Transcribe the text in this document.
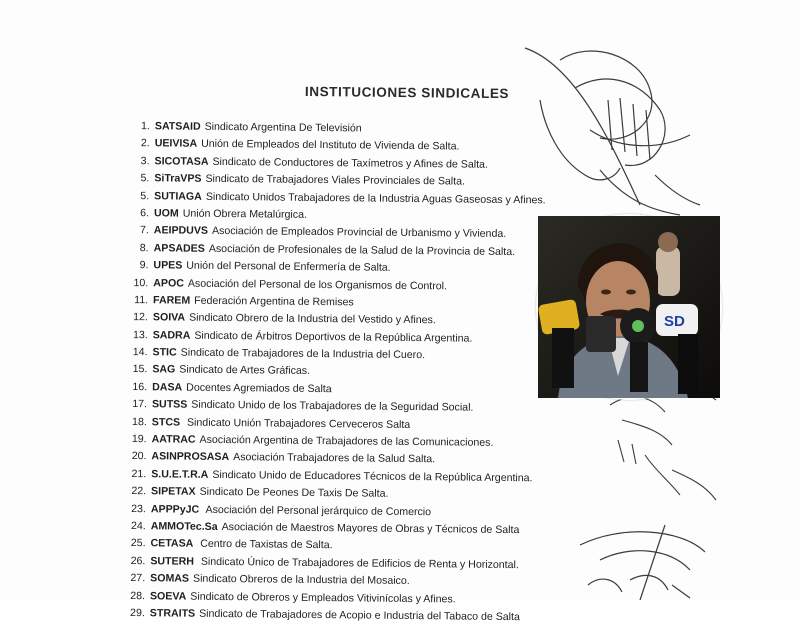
INSTITUCIONES SINDICALES
1. SATSAID Sindicato Argentina De Televisión
2. UEIVISA Unión de Empleados del Instituto de Vivienda de Salta.
3. SICOTASA Sindicato de Conductores de Taxímetros y Afines de Salta.
5. SiTraVPS Sindicato de Trabajadores Viales Provinciales de Salta.
5. SUTIAGA Sindicato Unidos Trabajadores de la Industria Aguas Gaseosas y Afines.
6. UOM Unión Obrera Metalúrgica.
7. AEIPDUVS Asociación de Empleados Provincial de Urbanismo y Vivienda.
8. APSADES Asociación de Profesionales de la Salud de la Provincia de Salta.
9. UPES Unión del Personal de Enfermería de Salta.
10. APOC Asociación del Personal de los Organismos de Control.
11. FAREM Federación Argentina de Remises
12. SOIVA Sindicato Obrero de la Industria del Vestido y Afines.
13. SADRA Sindicato de Árbitros Deportivos de la República Argentina.
14. STIC Sindicato de Trabajadores de la Industria del Cuero.
15. SAG Sindicato de Artes Gráficas.
16. DASA Docentes Agremiados de Salta
17. SUTSS Sindicato Unido de los Trabajadores de la Seguridad Social.
18. STCS Sindicato Unión Trabajadores Cerveceros Salta
19. AATRAC Asociación Argentina de Trabajadores de las Comunicaciones.
20. ASINPROSASA Asociación Trabajadores de la Salud Salta.
21. S.U.E.T.R.A Sindicato Unido de Educadores Técnicos de la República Argentina.
22. SIPETAX Sindicato De Peones De Taxis De Salta.
23. APPPyJC Asociación del Personal jerárquico de Comercio
24. AMMOTec.Sa Asociación de Maestros Mayores de Obras y Técnicos de Salta
25. CETASA Centro de Taxistas de Salta.
26. SUTERH Sindicato Único de Trabajadores de Edificios de Renta y Horizontal.
27. SOMAS Sindicato Obreros de la Industria del Mosaico.
28. SOEVA Sindicato de Obreros y Empleados Vitivinícolas y Afines.
29. STRAITS Sindicato de Trabajadores de Acopio e Industria del Tabaco de Salta
SD
